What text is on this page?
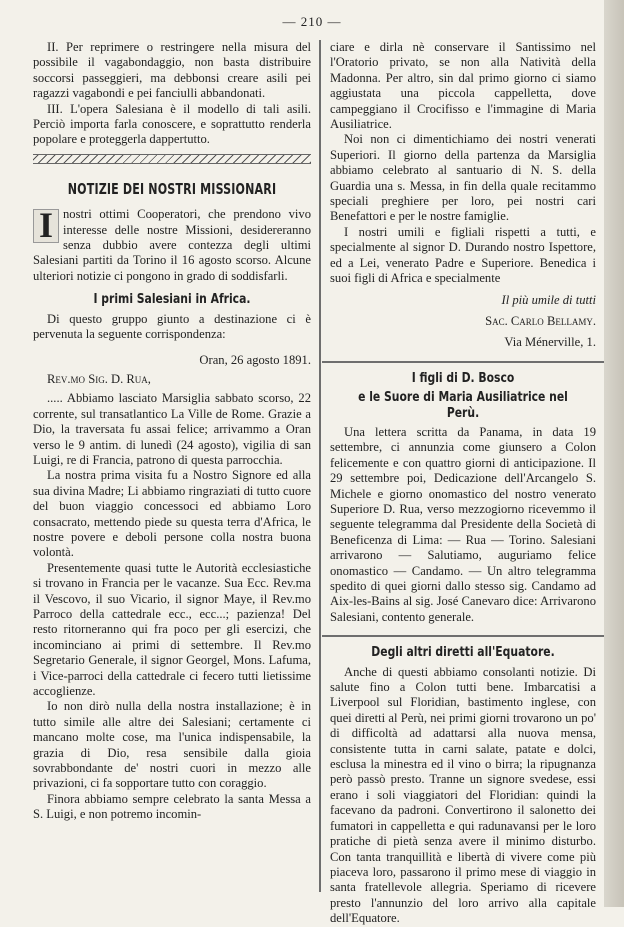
— 210 —

II. Per reprimere o restringere nella misura del possibile il vagabondaggio, non basta distribuire soccorsi passeggieri, ma debbonsi creare asili pei ragazzi vagabondi e pei fanciulli abbandonati.

III. L'opera Salesiana è il modello di tali asili. Perciò importa farla conoscere, e soprattutto renderla popolare e proteggerla dappertutto.

NOTIZIE DEI NOSTRI MISSIONARI

I nostri ottimi Cooperatori, che prendono vivo interesse delle nostre Missioni, desidereranno senza dubbio avere contezza degli ultimi Salesiani partiti da Torino il 16 agosto scorso. Alcune ulteriori notizie ci pongono in grado di soddisfarli.

I primi Salesiani in Africa.

Di questo gruppo giunto a destinazione ci è pervenuta la seguente corrispondenza:

Oran, 26 agosto 1891.
Rev.mo Sig. D. Rua,

..... Abbiamo lasciato Marsiglia sabbato scorso, 22 corrente, sul transatlantico La Ville de Rome. Grazie a Dio, la traversata fu assai felice; arrivammo a Oran verso le 9 antim. di lunedì (24 agosto), vigilia di san Luigi, re di Francia, patrono di questa parrocchia.

La nostra prima visita fu a Nostro Signore ed alla sua divina Madre; Li abbiamo ringraziati di tutto cuore del buon viaggio concessoci ed abbiamo Loro consacrato, mettendo piede su questa terra d'Africa, le nostre povere e deboli persone colla nostra buona volontà.

Presentemente quasi tutte le Autorità ecclesiastiche si trovano in Francia per le vacanze. Sua Ecc. Rev.ma il Vescovo, il suo Vicario, il signor Maye, il Rev.mo Parroco della cattedrale ecc., ecc...; pazienza! Del resto ritorneranno qui fra poco per gli esercizi, che incomincianо ai primi di settembre. Il Rev.mo Segretario Generale, il signor Georgel, Mons. Lafuma, i Vice-parroci della cattedrale ci fecero tutti lietissime accoglienze.

Io non dirò nulla della nostra installazione; è in tutto simile alle altre dei Salesiani; certamente ci mancano molte cose, ma l'unica indispensabile, la grazia di Dio, resa sensibile dalla gioia sovrabbondante de' nostri cuori in mezzo alle privazioni, ci fa sopportare tutto con coraggio.

Finora abbiamo sempre celebrato la santa Messa a S. Luigi, e non potremo incomin-

ciare e dirla nè conservare il Santissimo nel l'Oratorio privato, se non alla Natività della Madonna. Per altro, sin dal primo giorno ci siamo aggiustata una piccola cappelletta, dove campeggiano il Crocifisso e l'immagine di Maria Ausiliatrice.

Noi non ci dimentichiamo dei nostri venerati Superiori. Il giorno della partenza da Marsiglia abbiamo celebrato al santuario di N. S. della Guardia una s. Messa, in fin della quale recitammo speciali preghiere per loro, pei nostri cari Benefattori e per le nostre famiglie.

I nostri umili e figliali rispetti a tutti, e specialmente al signor D. Durando nostro Ispettore, ed a Lei, venerato Padre e Superiore. Benedica i suoi figli di Africa e specialmente

Il più umile di tutti
Sac. Carlo Bellamy.
Via Ménerville, 1.
I figli di D. Bosco
e le Suore di Maria Ausiliatrice nel Perù.

Una lettera scritta da Panama, in data 19 settembre, ci annunzia come giunsero a Colon felicemente e con quattro giorni di anticipazione. Il 29 settembre poi, Dedicazione dell'Arcangelo S. Michele e giorno onomastico del nostro venerato Superiore D. Rua, verso mezzogiorno ricevemmo il seguente telegramma dal Presidente della Società di Beneficenza di Lima: — Rua — Torino. Salesiani arrivarono — Salutiamo, auguriamo felice onomastico — Candamo. — Un altro telegramma spedito di quei giorni dallo stesso sig. Candamo ad Aix-les-Bains al sig. José Canevaro dice: Arrivarono Salesiani, contento generale.

Degli altri diretti all'Equatore.

Anche di questi abbiamo consolanti notizie. Di salute fino a Colon tutti bene. Imbarcatisi a Liverpool sul Floridian, bastimento inglese, con quei diretti al Perù, nei primi giorni trovarono un po' di difficoltà ad adattarsi alla nuova mensa, consistente tutta in carni salate, patate e dolci, esclusa la minestra ed il vino o birra; la ripugnanza però passò presto. Tranne un signore svedese, essi erano i soli viaggiatori del Floridian: quindi la facevano da padroni. Convertirono il salonetto dei fumatori in cappelletta e qui radunavansi per le loro pratiche di pietà senza avere il minimo disturbo. Con tanta tranquillità e libertà di vivere come più piaceva loro, passarono il primo mese di viaggio in santa fratellevole allegria. Speriamo di ricevere presto l'annunzio del loro arrivo alla capitale dell'Equatore.
